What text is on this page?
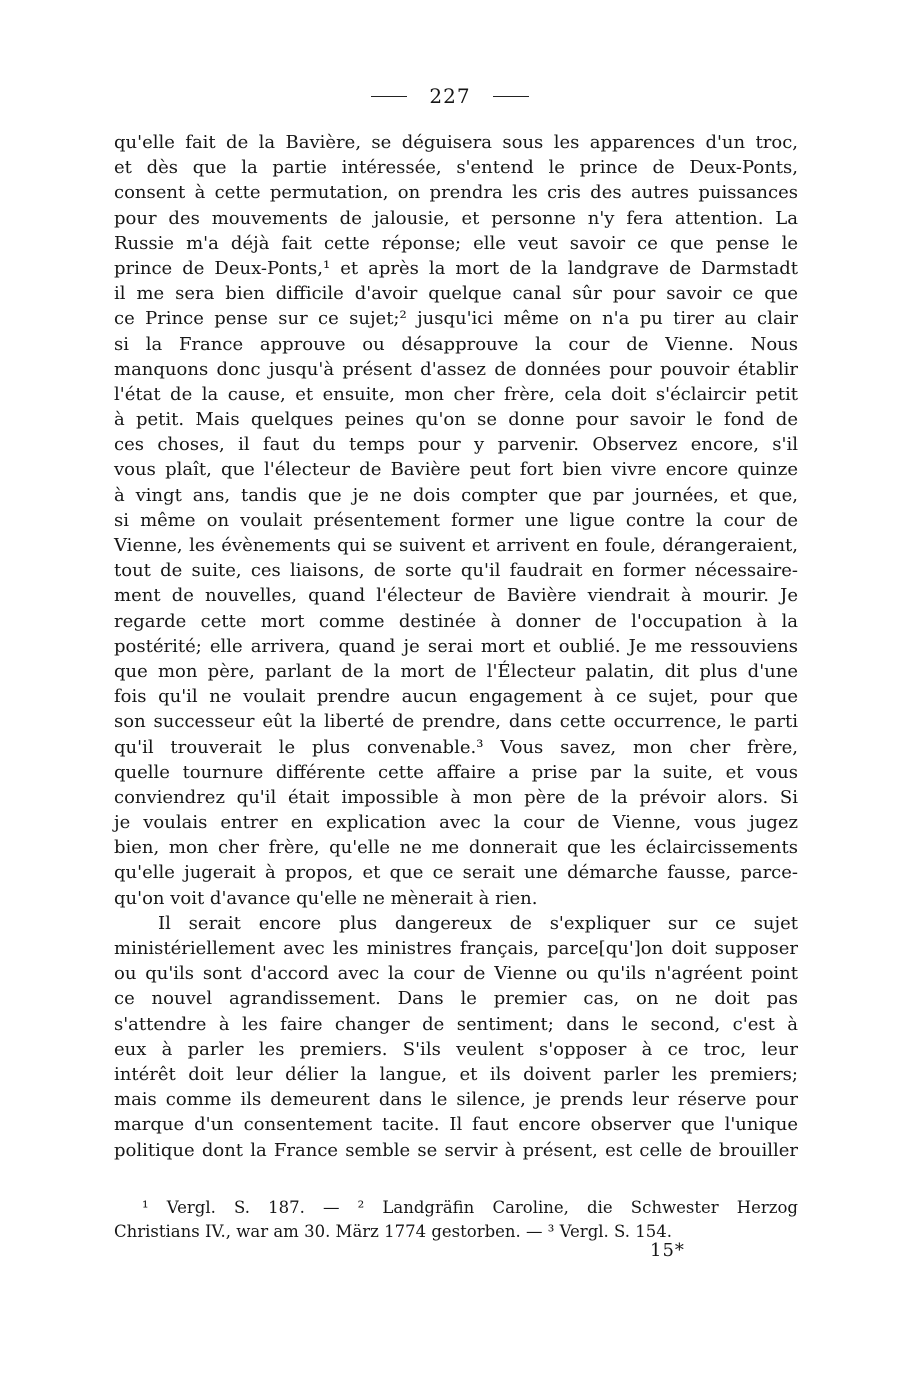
227
qu'elle fait de la Bavière, se déguisera sous les apparences d'un troc,
et dès que la partie intéressée, s'entend le prince de Deux-Ponts,
consent à cette permutation, on prendra les cris des autres puissances
pour des mouvements de jalousie, et personne n'y fera attention. La
Russie m'a déjà fait cette réponse; elle veut savoir ce que pense le
prince de Deux-Ponts,¹ et après la mort de la landgrave de Darmstadt
il me sera bien difficile d'avoir quelque canal sûr pour savoir ce que
ce Prince pense sur ce sujet;² jusqu'ici même on n'a pu tirer au clair
si la France approuve ou désapprouve la cour de Vienne. Nous
manquons donc jusqu'à présent d'assez de données pour pouvoir établir
l'état de la cause, et ensuite, mon cher frère, cela doit s'éclaircir petit
à petit. Mais quelques peines qu'on se donne pour savoir le fond de
ces choses, il faut du temps pour y parvenir. Observez encore, s'il
vous plaît, que l'électeur de Bavière peut fort bien vivre encore quinze
à vingt ans, tandis que je ne dois compter que par journées, et que,
si même on voulait présentement former une ligue contre la cour de
Vienne, les évènements qui se suivent et arrivent en foule, dérangeraient,
tout de suite, ces liaisons, de sorte qu'il faudrait en former nécessaire-
ment de nouvelles, quand l'électeur de Bavière viendrait à mourir. Je
regarde cette mort comme destinée à donner de l'occupation à la
postérité; elle arrivera, quand je serai mort et oublié. Je me ressouviens
que mon père, parlant de la mort de l'Électeur palatin, dit plus d'une
fois qu'il ne voulait prendre aucun engagement à ce sujet, pour que
son successeur eût la liberté de prendre, dans cette occurrence, le parti
qu'il trouverait le plus convenable.³ Vous savez, mon cher frère,
quelle tournure différente cette affaire a prise par la suite, et vous
conviendrez qu'il était impossible à mon père de la prévoir alors. Si
je voulais entrer en explication avec la cour de Vienne, vous jugez
bien, mon cher frère, qu'elle ne me donnerait que les éclaircissements
qu'elle jugerait à propos, et que ce serait une démarche fausse, parce-
qu'on voit d'avance qu'elle ne mènerait à rien.
Il serait encore plus dangereux de s'expliquer sur ce sujet
ministériellement avec les ministres français, parce[qu']on doit supposer
ou qu'ils sont d'accord avec la cour de Vienne ou qu'ils n'agréent point
ce nouvel agrandissement. Dans le premier cas, on ne doit pas
s'attendre à les faire changer de sentiment; dans le second, c'est à
eux à parler les premiers. S'ils veulent s'opposer à ce troc, leur
intérêt doit leur délier la langue, et ils doivent parler les premiers;
mais comme ils demeurent dans le silence, je prends leur réserve pour
marque d'un consentement tacite. Il faut encore observer que l'unique
politique dont la France semble se servir à présent, est celle de brouiller
¹ Vergl. S. 187. — ² Landgräfin Caroline, die Schwester Herzog
Christians IV., war am 30. März 1774 gestorben. — ³ Vergl. S. 154.
15*
